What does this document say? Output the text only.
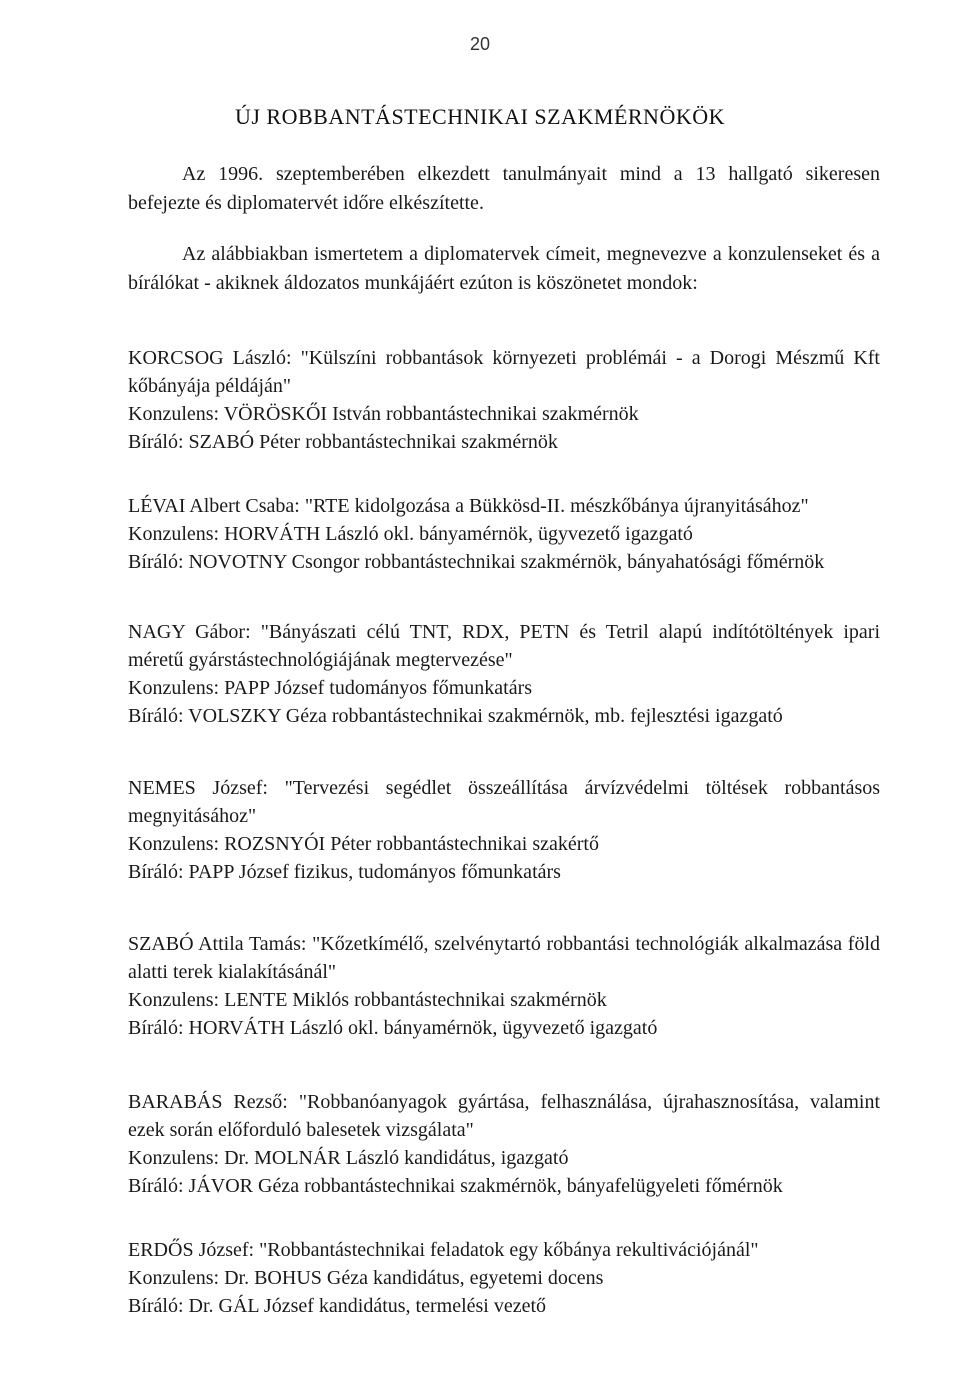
20
ÚJ ROBBANTÁSTECHNIKAI SZAKMÉRNÖKÖK

Az 1996. szeptemberében elkezdett tanulmányait mind a 13 hallgató sikeresen befejezte és diplomatervét időre elkészítette.

Az alábbiakban ismertetem a diplomatervek címeit, megnevezve a konzulenseket és a bírálókat - akiknek áldozatos munkájáért ezúton is köszönetet mondok:

KORCSOG László: "Külszíni robbantások környezeti problémái - a Dorogi Mészmű Kft kőbányája példáján"

Konzulens: VÖRÖSKŐI István robbantástechnikai szakmérnök

Bíráló: SZABÓ Péter robbantástechnikai szakmérnök

LÉVAI Albert Csaba: "RTE kidolgozása a Bükkösd-II. mészkőbánya újranyitásához"

Konzulens: HORVÁTH László okl. bányamérnök, ügyvezető igazgató

Bíráló: NOVOTNY Csongor robbantástechnikai szakmérnök, bányahatósági főmérnök

NAGY Gábor: "Bányászati célú TNT, RDX, PETN és Tetril alapú indítótöltények ipari méretű gyárstástechnológiájának megtervezése"

Konzulens: PAPP József tudományos főmunkatárs

Bíráló: VOLSZKY Géza robbantástechnikai szakmérnök, mb. fejlesztési igazgató

NEMES József: "Tervezési segédlet összeállítása árvízvédelmi töltések robbantásos megnyitásához"

Konzulens: ROZSNYÓI Péter robbantástechnikai szakértő

Bíráló: PAPP József fizikus, tudományos főmunkatárs

SZABÓ Attila Tamás: "Kőzetkímélő, szelvénytartó robbantási technológiák alkalmazása föld alatti terek kialakításánál"

Konzulens: LENTE Miklós robbantástechnikai szakmérnök

Bíráló: HORVÁTH László okl. bányamérnök, ügyvezető igazgató

BARABÁS Rezső: "Robbanóanyagok gyártása, felhasználása, újrahasznosítása, valamint ezek során előforduló balesetek vizsgálata"

Konzulens: Dr. MOLNÁR László kandidátus, igazgató

Bíráló: JÁVOR Géza robbantástechnikai szakmérnök, bányafelügyeleti főmérnök

ERDŐS József: "Robbantástechnikai feladatok egy kőbánya rekultivációjánál"

Konzulens: Dr. BOHUS Géza kandidátus, egyetemi docens

Bíráló: Dr. GÁL József kandidátus, termelési vezető
